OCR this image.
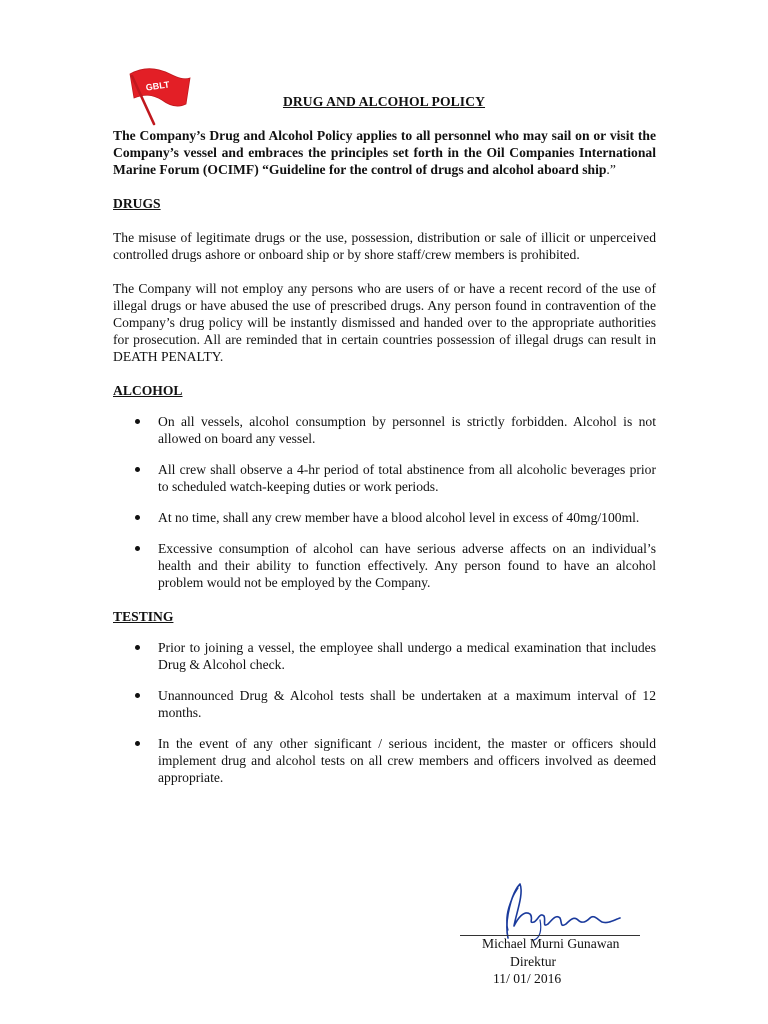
GBLT
DRUG AND ALCOHOL POLICY

The Company’s Drug and Alcohol Policy applies to all personnel who may sail on or visit the Company’s vessel and embraces the principles set forth in the Oil Companies International Marine Forum (OCIMF) “Guideline for the control of drugs and alcohol aboard ship.”

DRUGS

The misuse of legitimate drugs or the use, possession, distribution or sale of illicit or unperceived controlled drugs ashore or onboard ship or by shore staff/crew members is prohibited.

The Company will not employ any persons who are users of or have a recent record of the use of illegal drugs or have abused the use of prescribed drugs. Any person found in contravention of the Company’s drug policy will be instantly dismissed and handed over to the appropriate authorities for prosecution. All are reminded that in certain countries possession of illegal drugs can result in DEATH PENALTY.

ALCOHOL

On all vessels, alcohol consumption by personnel is strictly forbidden. Alcohol is not allowed on board any vessel.
All crew shall observe a 4-hr period of total abstinence from all alcoholic beverages prior to scheduled watch-keeping duties or work periods.
At no time, shall any crew member have a blood alcohol level in excess of 40mg/100ml.
Excessive consumption of alcohol can have serious adverse affects on an individual’s health and their ability to function effectively. Any person found to have an alcohol problem would not be employed by the Company.

TESTING

Prior to joining a vessel, the employee shall undergo a medical examination that includes Drug & Alcohol check.
Unannounced Drug & Alcohol tests shall be undertaken at a maximum interval of 12 months.
In the event of any other significant / serious incident, the master or officers should implement drug and alcohol tests on all crew members and officers involved as deemed appropriate.
Michael Murni Gunawan
Direktur
11/ 01/ 2016
